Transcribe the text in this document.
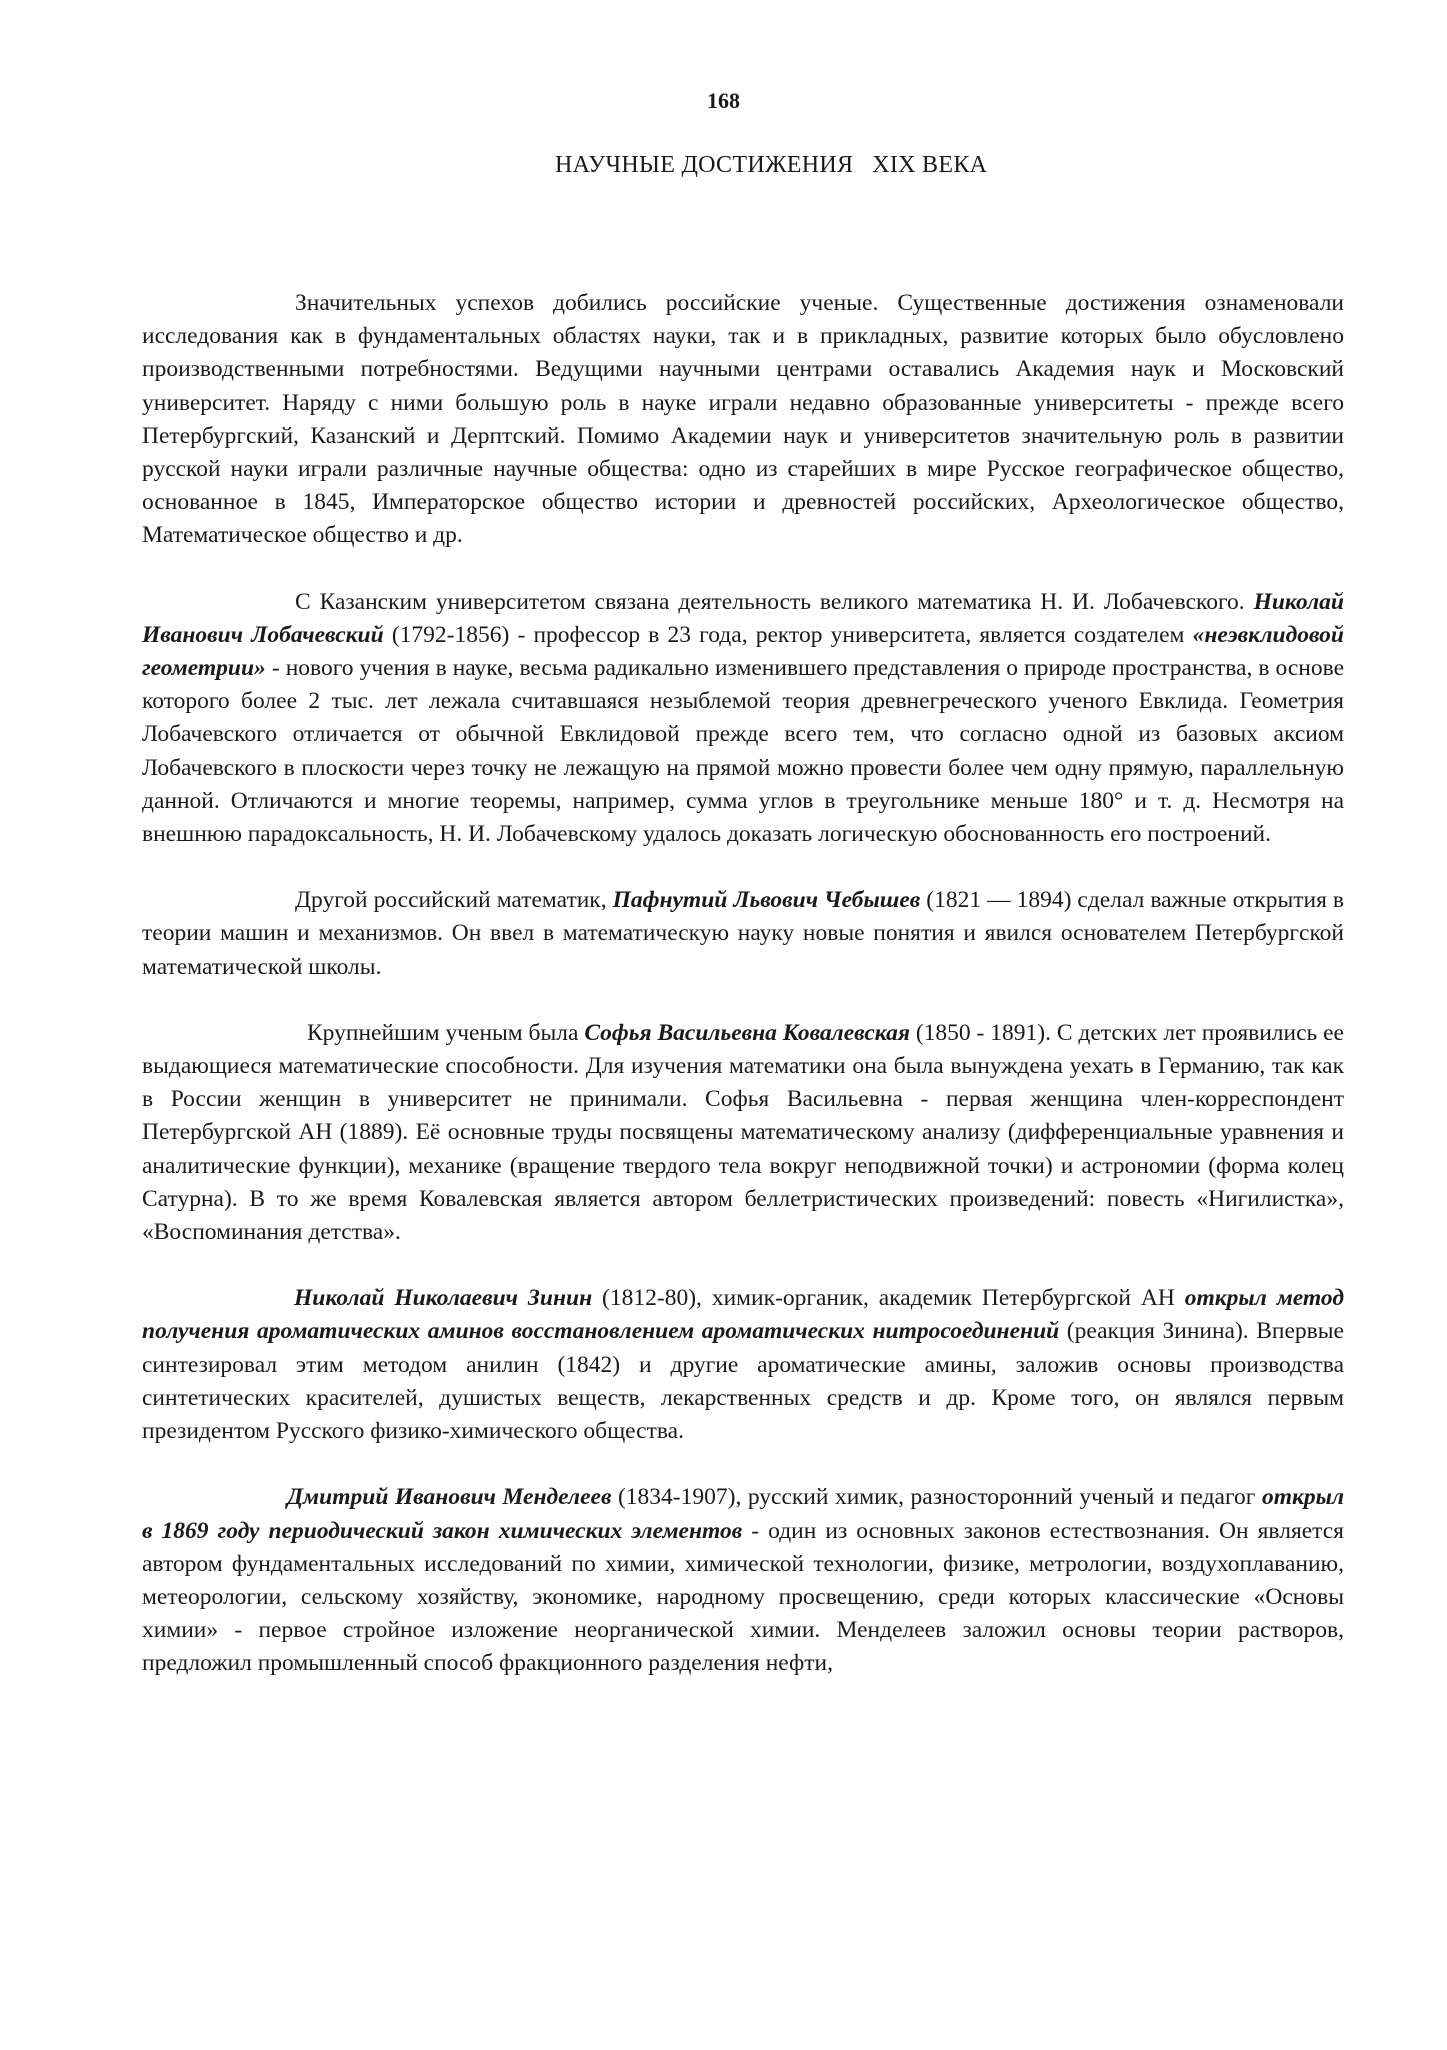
168
НАУЧНЫЕ ДОСТИЖЕНИЯ   XIX ВЕКА

Значительных успехов добились российские ученые. Существенные достижения ознаменовали исследования как в фундаментальных областях науки, так и в прикладных, развитие которых было обусловлено производственными потребностями. Ведущими научными центрами оставались Академия наук и Московский университет. Наряду с ними большую роль в науке играли недавно образованные университеты - прежде всего Петербургский, Казанский и Дерптский. Помимо Академии наук и университетов значительную роль в развитии русской науки играли различные научные общества: одно из старейших в мире Русское географическое общество, основанное в 1845, Императорское общество истории и древностей российских, Археологическое общество, Математическое общество и др.

С Казанским университетом связана деятельность великого математика Н. И. Лобачевского. Николай Иванович Лобачевский (1792-1856) - профессор в 23 года, ректор университета, является создателем «неэвклидовой геометрии» - нового учения в науке, весьма радикально изменившего представления о природе пространства, в основе которого более 2 тыс. лет лежала считавшаяся незыблемой теория древнегреческого ученого Евклида. Геометрия Лобачевского отличается от обычной Евклидовой прежде всего тем, что согласно одной из базовых аксиом Лобачевского в плоскости через точку не лежащую на прямой можно провести более чем одну прямую, параллельную данной. Отличаются и многие теоремы, например, сумма углов в треугольнике меньше 180° и т. д. Несмотря на внешнюю парадоксальность, Н. И. Лобачевскому удалось доказать логическую обоснованность его построений.

Другой российский математик, Пафнутий Львович Чебышев (1821 — 1894) сделал важные открытия в теории машин и механизмов. Он ввел в математическую науку новые понятия и явился основателем Петербургской математической школы.

Крупнейшим ученым была Софья Васильевна Ковалевская (1850 - 1891). С детских лет проявились ее выдающиеся математические способности. Для изучения математики она была вынуждена уехать в Германию, так как в России женщин в университет не принимали. Софья Васильевна - первая женщина член-корреспондент Петербургской АН (1889). Её основные труды посвящены математическому анализу (дифференциальные уравнения и аналитические функции), механике (вращение твердого тела вокруг неподвижной точки) и астрономии (форма колец Сатурна). В то же время Ковалевская является автором беллетристических произведений: повесть «Нигилистка», «Воспоминания детства».

Николай Николаевич Зинин (1812-80), химик-органик, академик Петербургской АН открыл метод получения ароматических аминов восстановлением ароматических нитросоединений (реакция Зинина). Впервые синтезировал этим методом анилин (1842) и другие ароматические амины, заложив основы производства синтетических красителей, душистых веществ, лекарственных средств и др. Кроме того, он являлся первым президентом Русского физико-химического общества.

Дмитрий Иванович Менделеев (1834-1907), русский химик, разносторонний ученый и педагог открыл в 1869 году периодический закон химических элементов - один из основных законов естествознания. Он является автором фундаментальных исследований по химии, химической технологии, физике, метрологии, воздухоплаванию, метеорологии, сельскому хозяйству, экономике, народному просвещению, среди которых классические «Основы химии» - первое стройное изложение неорганической химии. Менделеев заложил основы теории растворов, предложил промышленный способ фракционного разделения нефти,
